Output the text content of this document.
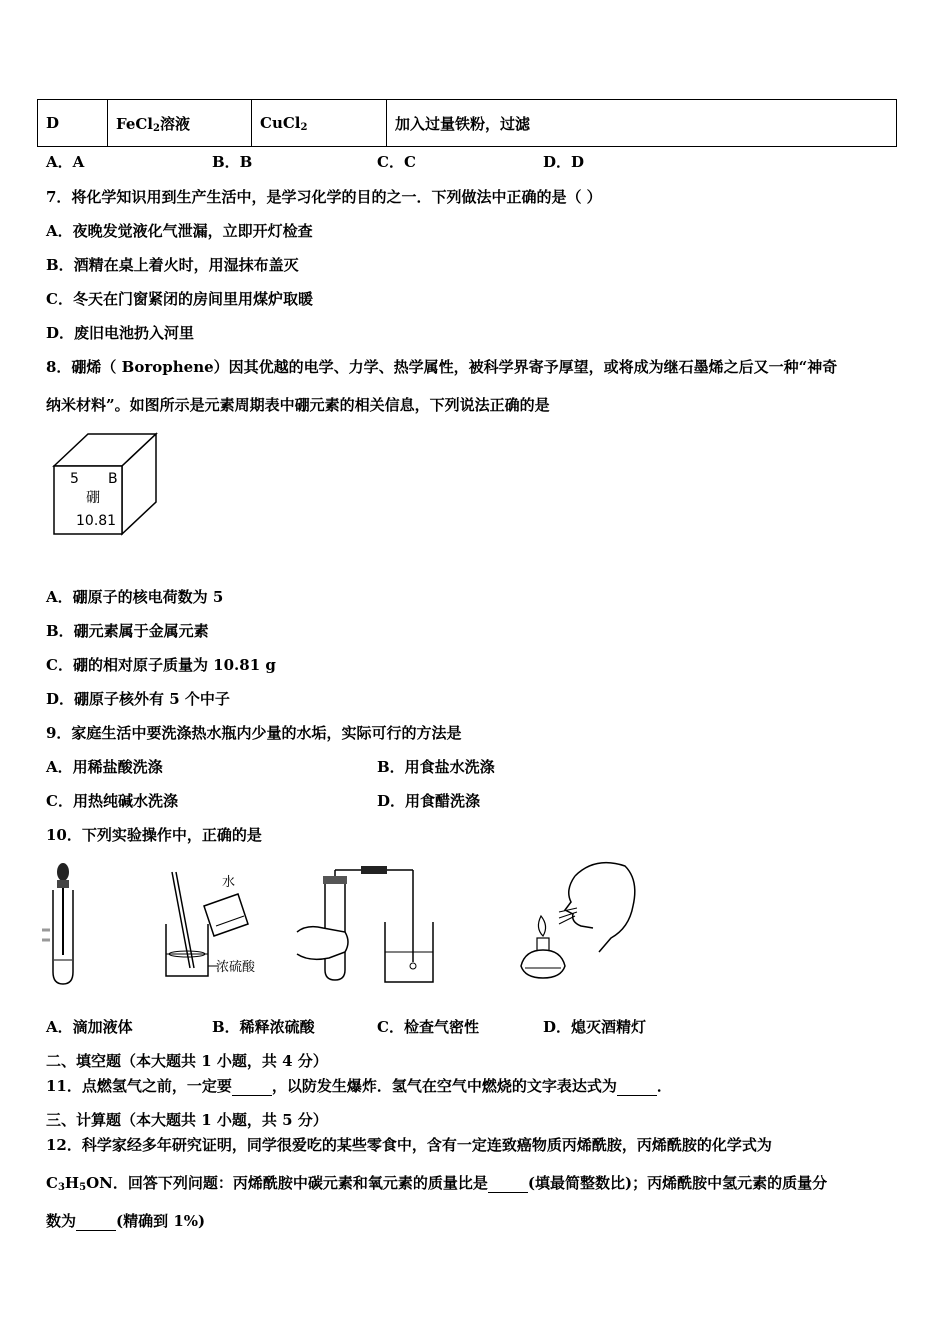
D	FeCl$_2$溶液	CuCl$_2$	加入过量铁粉，过滤
A．A	B．B	C．C	D．D
7．将化学知识用到生产生活中，是学习化学的目的之一．下列做法中正确的是（ ）
A．夜晚发觉液化气泄漏，立即开灯检查
B．酒精在桌上着火时，用湿抹布盖灭
C．冬天在门窗紧闭的房间里用煤炉取暖
D．废旧电池扔入河里
8．硼烯（ Borophene）因其优越的电学、力学、热学属性，被科学界寄予厚望，或将成为继石墨烯之后又一种“神奇
纳米材料”。如图所示是元素周期表中硼元素的相关信息，下列说法正确的是
5 B
硼
10.81
A．硼原子的核电荷数为 5
B．硼元素属于金属元素
C．硼的相对原子质量为 10.81 g
D．硼原子核外有 5 个中子
9．家庭生活中要洗涤热水瓶内少量的水垢，实际可行的方法是
A．用稀盐酸洗涤	B．用食盐水洗涤
C．用热纯碱水洗涤	D．用食醋洗涤
10．下列实验操作中，正确的是
水
浓硫酸
A．滴加液体	B．稀释浓硫酸	C．检查气密性	D．熄灭酒精灯
二、填空题（本大题共 1 小题，共 4 分）
11．点燃氢气之前，一定要	，以防发生爆炸．氢气在空气中燃烧的文字表达式为	．
三、计算题（本大题共 1 小题，共 5 分）
12．科学家经多年研究证明，同学很爱吃的某些零食中，含有一定连致癌物质丙烯酰胺，丙烯酰胺的化学式为
$C_3H_5ON$．回答下列问题：丙烯酰胺中碳元素和氧元素的质量比是	(填最简整数比)；丙烯酰胺中氢元素的质量分
数为	(精确到 1%)
